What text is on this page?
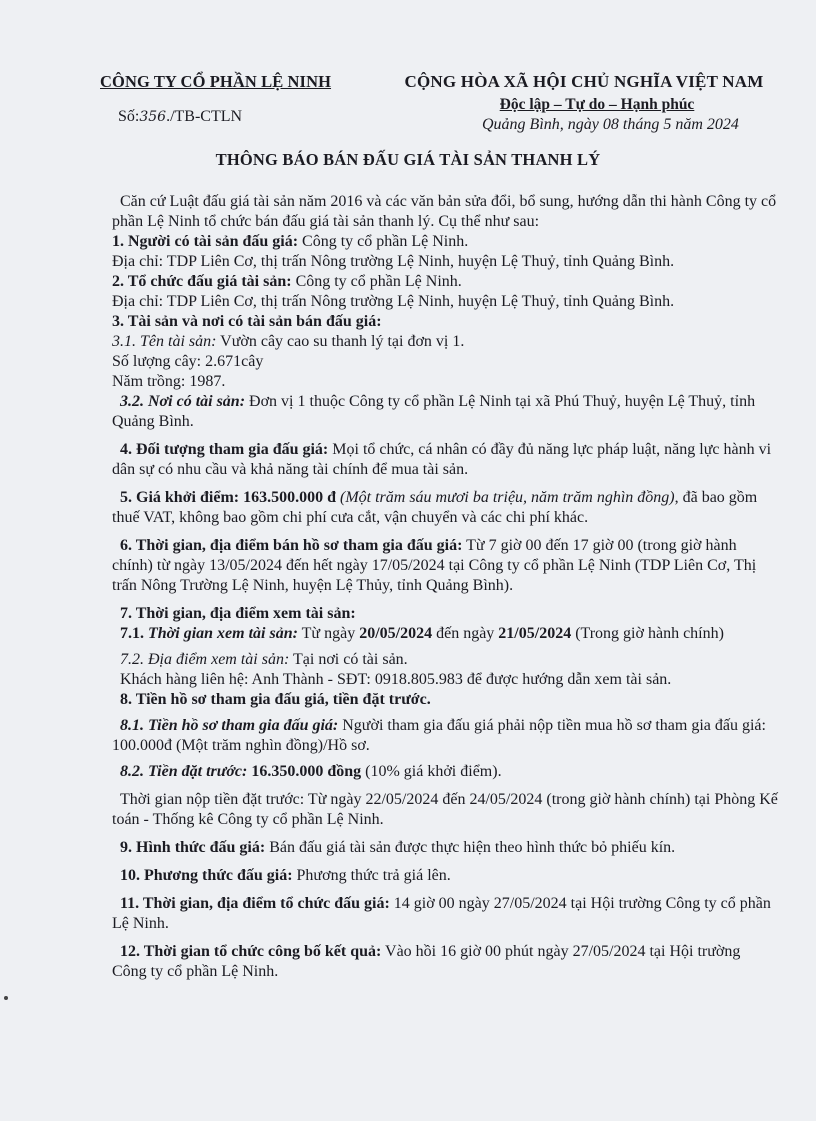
CÔNG TY CỔ PHẦN LỆ NINH
Số:356./TB-CTLN
CỘNG HÒA XÃ HỘI CHỦ NGHĨA VIỆT NAM
Độc lập – Tự do – Hạnh phúc
Quảng Bình, ngày 08 tháng 5 năm 2024
THÔNG BÁO BÁN ĐẤU GIÁ TÀI SẢN THANH LÝ

Căn cứ Luật đấu giá tài sản năm 2016 và các văn bản sửa đổi, bổ sung, hướng dẫn thi hành Công ty cổ phần Lệ Ninh tổ chức bán đấu giá tài sản thanh lý. Cụ thể như sau:

1. Người có tài sản đấu giá: Công ty cổ phần Lệ Ninh.

Địa chỉ: TDP Liên Cơ, thị trấn Nông trường Lệ Ninh, huyện Lệ Thuỷ, tỉnh Quảng Bình.

2. Tổ chức đấu giá tài sản: Công ty cổ phần Lệ Ninh.

Địa chỉ: TDP Liên Cơ, thị trấn Nông trường Lệ Ninh, huyện Lệ Thuỷ, tỉnh Quảng Bình.

3. Tài sản và nơi có tài sản bán đấu giá:

3.1. Tên tài sản: Vườn cây cao su thanh lý tại đơn vị 1.

Số lượng cây: 2.671cây

Năm trồng: 1987.

3.2. Nơi có tài sản: Đơn vị 1 thuộc Công ty cổ phần Lệ Ninh tại xã Phú Thuỷ, huyện Lệ Thuỷ, tỉnh Quảng Bình.

4. Đối tượng tham gia đấu giá: Mọi tổ chức, cá nhân có đầy đủ năng lực pháp luật, năng lực hành vi dân sự có nhu cầu và khả năng tài chính để mua tài sản.

5. Giá khởi điểm: 163.500.000 đ (Một trăm sáu mươi ba triệu, năm trăm nghìn đồng), đã bao gồm thuế VAT, không bao gồm chi phí cưa cắt, vận chuyển và các chi phí khác.

6. Thời gian, địa điểm bán hồ sơ tham gia đấu giá: Từ 7 giờ 00 đến 17 giờ 00 (trong giờ hành chính) từ ngày 13/05/2024 đến hết ngày 17/05/2024 tại Công ty cổ phần Lệ Ninh (TDP Liên Cơ, Thị trấn Nông Trường Lệ Ninh, huyện Lệ Thủy, tỉnh Quảng Bình).

7. Thời gian, địa điểm xem tài sản:

7.1. Thời gian xem tài sản: Từ ngày 20/05/2024 đến ngày 21/05/2024 (Trong giờ hành chính)

7.2. Địa điểm xem tài sản: Tại nơi có tài sản.

Khách hàng liên hệ: Anh Thành - SĐT: 0918.805.983 để được hướng dẫn xem tài sản.

8. Tiền hồ sơ tham gia đấu giá, tiền đặt trước.

8.1. Tiền hồ sơ tham gia đấu giá: Người tham gia đấu giá phải nộp tiền mua hồ sơ tham gia đấu giá: 100.000đ (Một trăm nghìn đồng)/Hồ sơ.

8.2. Tiền đặt trước: 16.350.000 đồng (10% giá khởi điểm).

Thời gian nộp tiền đặt trước: Từ ngày 22/05/2024 đến 24/05/2024 (trong giờ hành chính) tại Phòng Kế toán - Thống kê Công ty cổ phần Lệ Ninh.

9. Hình thức đấu giá: Bán đấu giá tài sản được thực hiện theo hình thức bỏ phiếu kín.

10. Phương thức đấu giá: Phương thức trả giá lên.

11. Thời gian, địa điểm tổ chức đấu giá: 14 giờ 00 ngày 27/05/2024 tại Hội trường Công ty cổ phần Lệ Ninh.

12. Thời gian tổ chức công bố kết quả: Vào hồi 16 giờ 00 phút ngày 27/05/2024 tại Hội trường Công ty cổ phần Lệ Ninh.
